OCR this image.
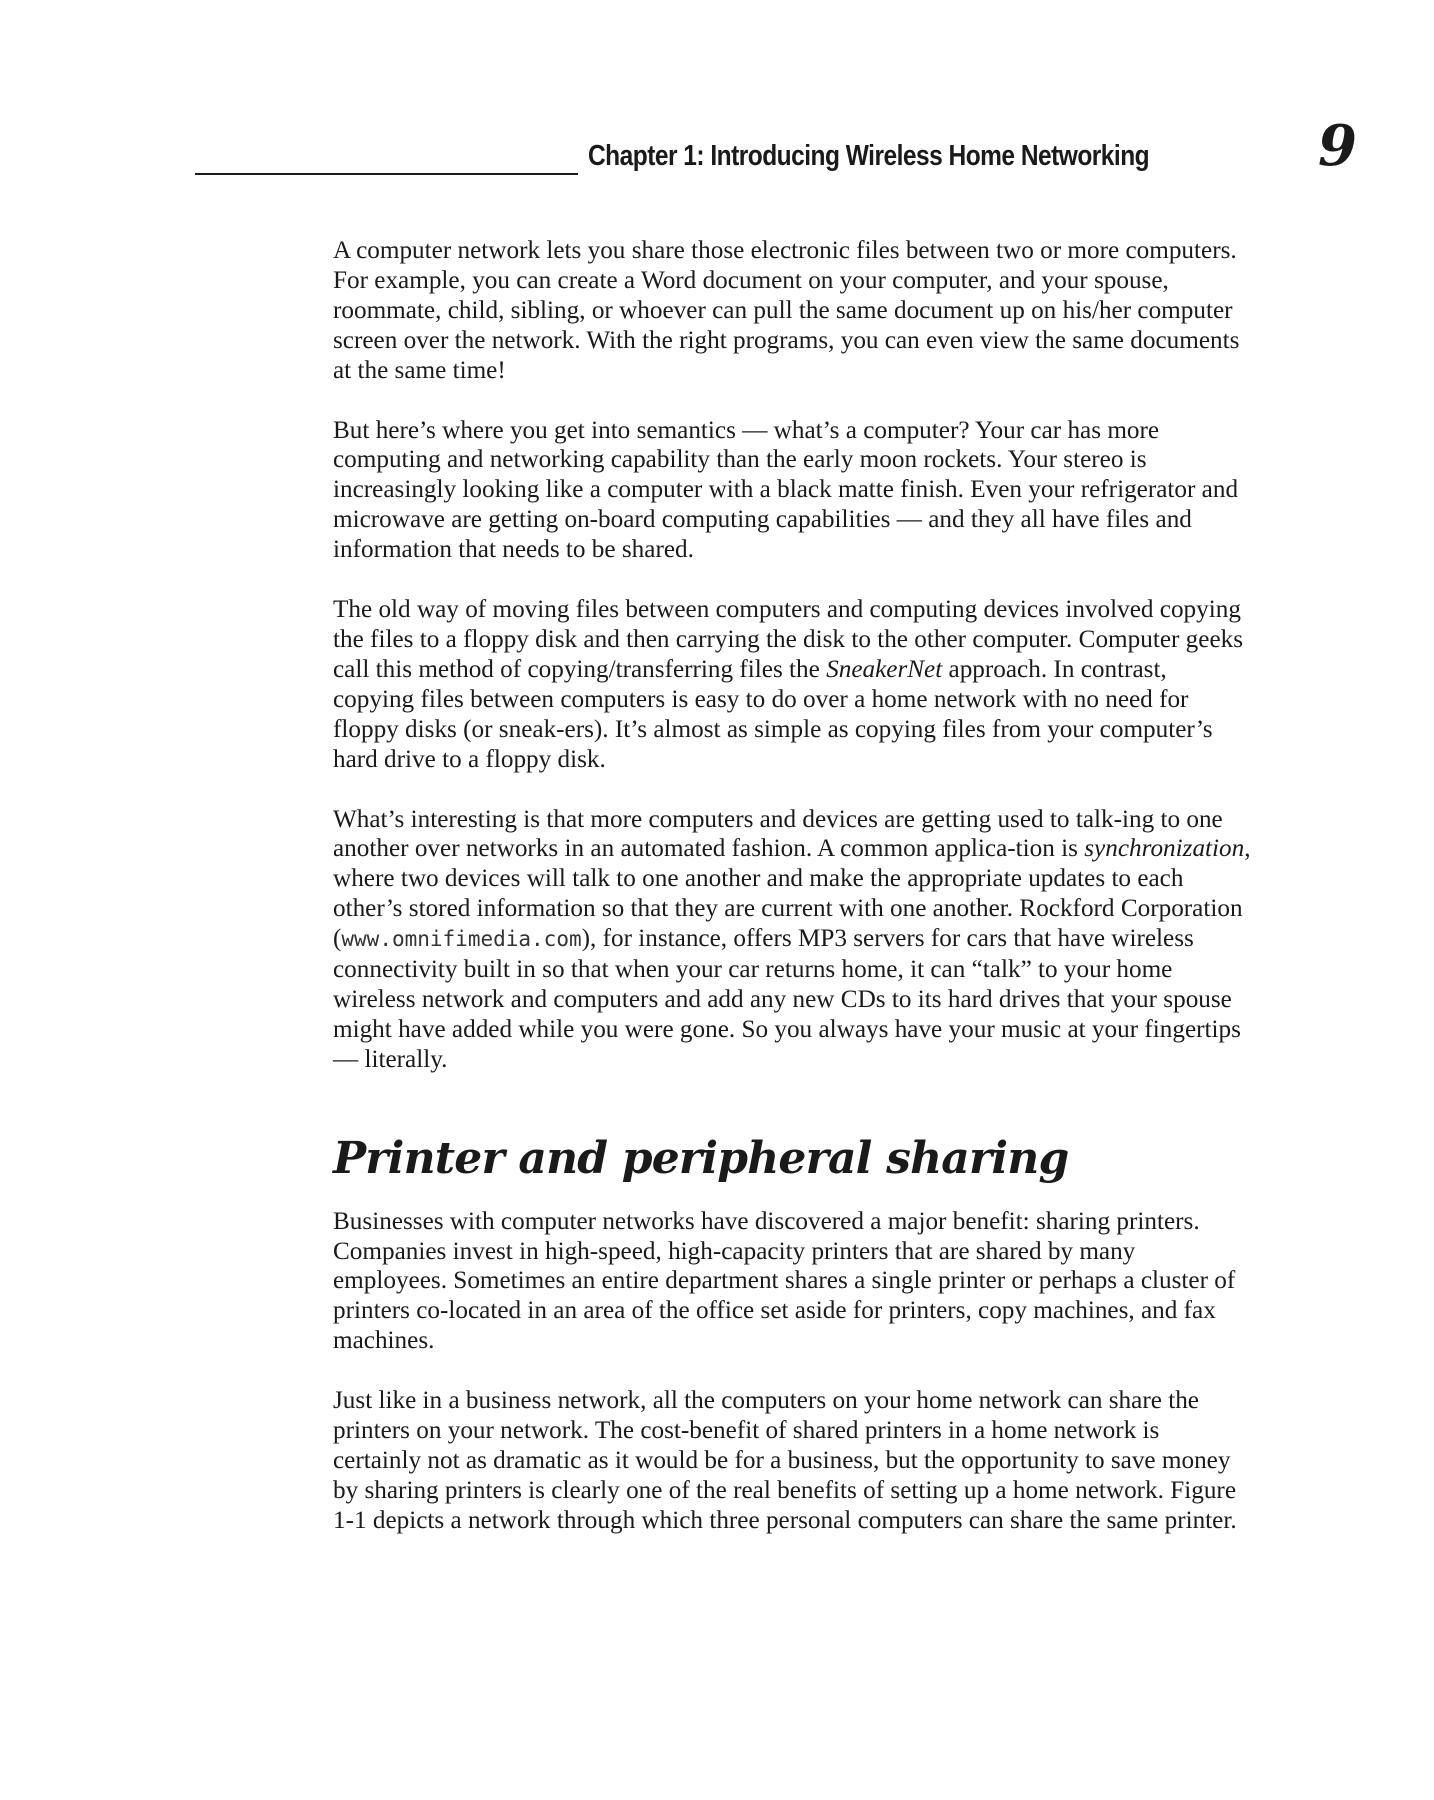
Chapter 1: Introducing Wireless Home Networking	9

A computer network lets you share those electronic files between two or more computers. For example, you can create a Word document on your computer, and your spouse, roommate, child, sibling, or whoever can pull the same document up on his/her computer screen over the network. With the right programs, you can even view the same documents at the same time!

But here’s where you get into semantics — what’s a computer? Your car has more computing and networking capability than the early moon rockets. Your stereo is increasingly looking like a computer with a black matte finish. Even your refrigerator and microwave are getting on-board computing capabilities — and they all have files and information that needs to be shared.

The old way of moving files between computers and computing devices involved copying the files to a floppy disk and then carrying the disk to the other computer. Computer geeks call this method of copying/transferring files the SneakerNet approach. In contrast, copying files between computers is easy to do over a home network with no need for floppy disks (or sneak-ers). It’s almost as simple as copying files from your computer’s hard drive to a floppy disk.

What’s interesting is that more computers and devices are getting used to talk-ing to one another over networks in an automated fashion. A common applica-tion is synchronization, where two devices will talk to one another and make the appropriate updates to each other’s stored information so that they are current with one another. Rockford Corporation (www.omnifimedia.com), for instance, offers MP3 servers for cars that have wireless connectivity built in so that when your car returns home, it can “talk” to your home wireless network and computers and add any new CDs to its hard drives that your spouse might have added while you were gone. So you always have your music at your fingertips — literally.

Printer and peripheral sharing

Businesses with computer networks have discovered a major benefit: sharing printers. Companies invest in high-speed, high-capacity printers that are shared by many employees. Sometimes an entire department shares a single printer or perhaps a cluster of printers co-located in an area of the office set aside for printers, copy machines, and fax machines.

Just like in a business network, all the computers on your home network can share the printers on your network. The cost-benefit of shared printers in a home network is certainly not as dramatic as it would be for a business, but the opportunity to save money by sharing printers is clearly one of the real benefits of setting up a home network. Figure 1-1 depicts a network through which three personal computers can share the same printer.
